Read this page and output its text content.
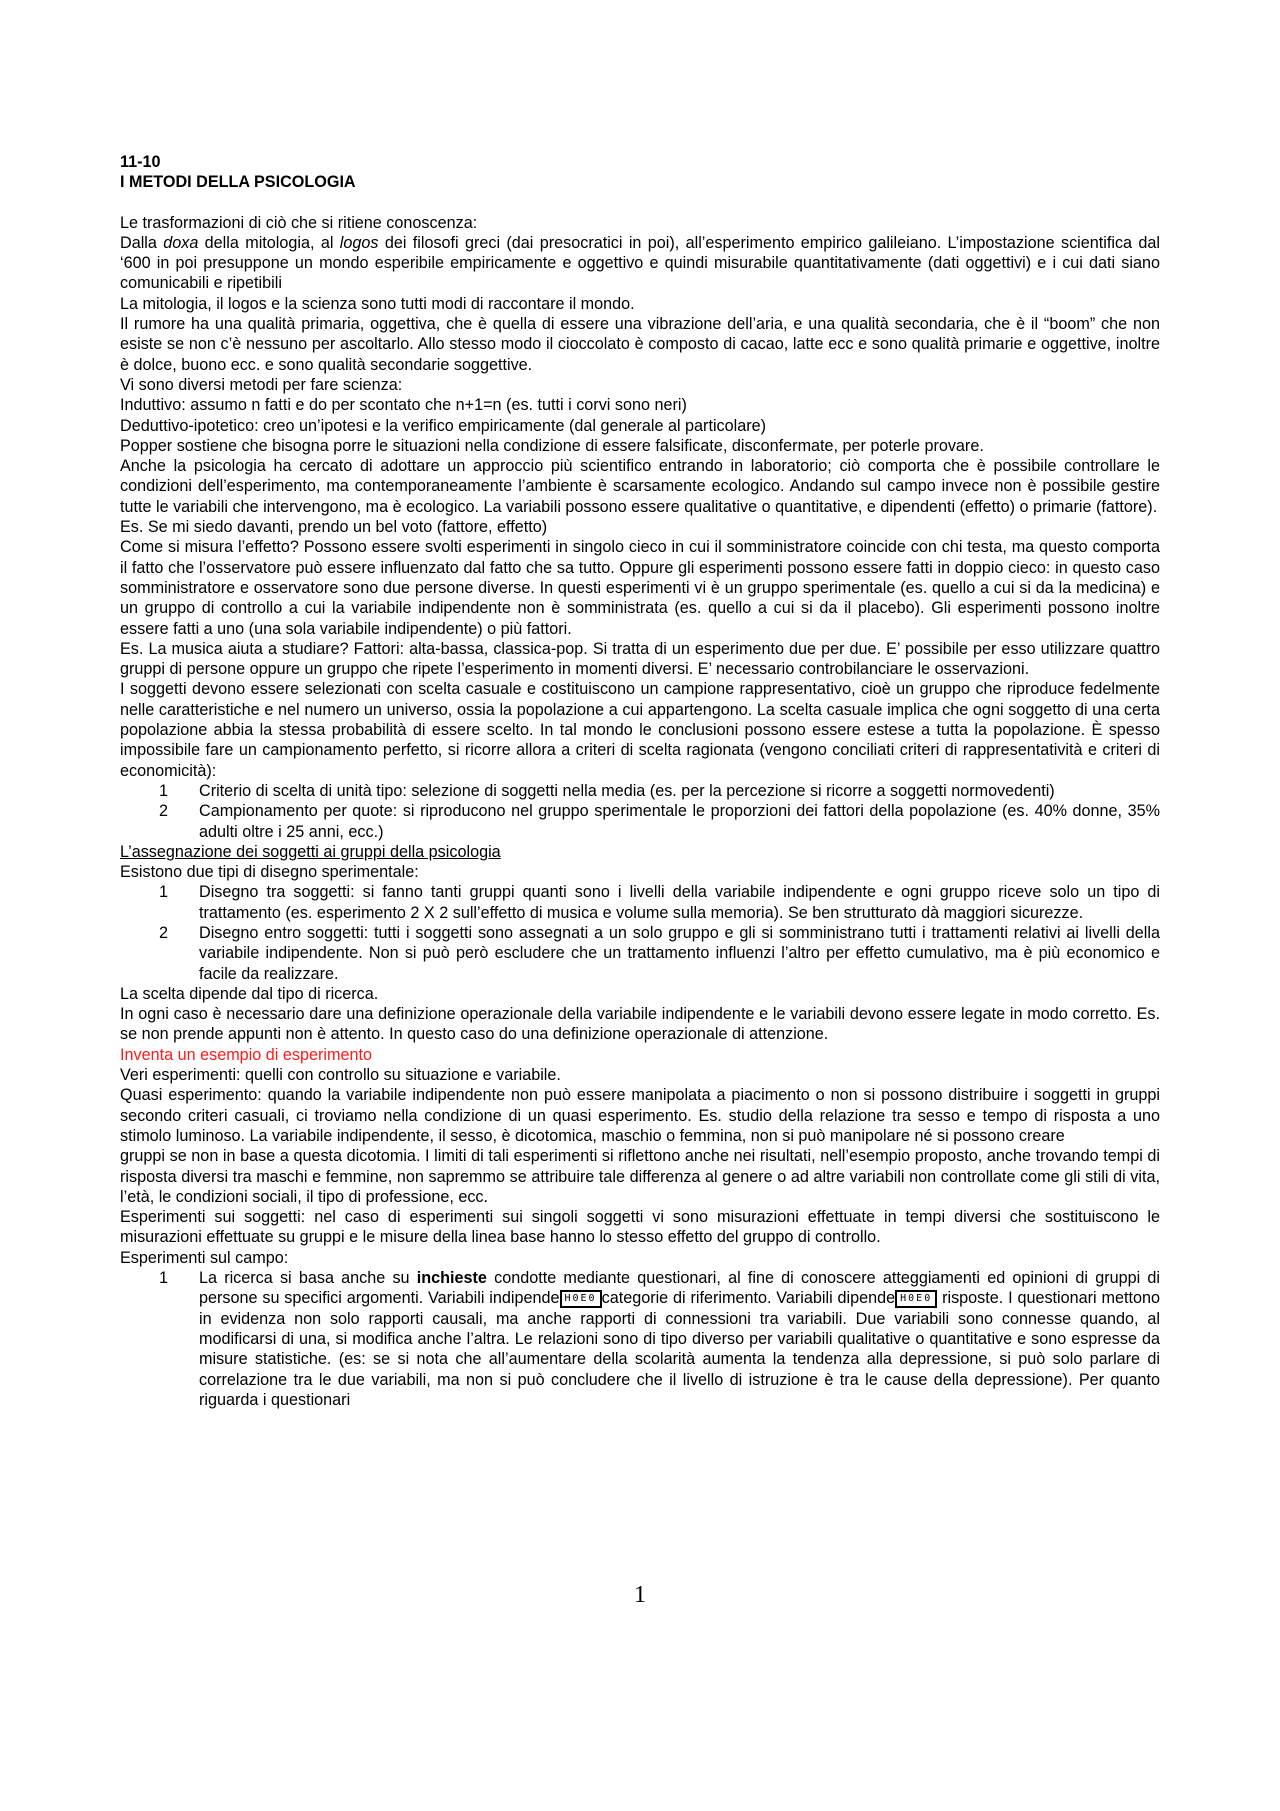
11-10

I METODI DELLA PSICOLOGIA

Le trasformazioni di ciò che si ritiene conoscenza:

Dalla doxa della mitologia, al logos dei filosofi greci (dai presocratici in poi), all’esperimento empirico galileiano. L’impostazione scientifica dal ‘600 in poi presuppone un mondo esperibile empiricamente e oggettivo e quindi misurabile quantitativamente (dati oggettivi) e i cui dati siano comunicabili e ripetibili

La mitologia, il logos e la scienza sono tutti modi di raccontare il mondo.

Il rumore ha una qualità primaria, oggettiva, che è quella di essere una vibrazione dell’aria, e una qualità secondaria, che è il “boom” che non esiste se non c’è nessuno per ascoltarlo. Allo stesso modo il cioccolato è composto di cacao, latte ecc e sono qualità primarie e oggettive, inoltre è dolce, buono ecc. e sono qualità secondarie soggettive.

Vi sono diversi metodi per fare scienza:

Induttivo: assumo n fatti e do per scontato che n+1=n (es. tutti i corvi sono neri)

Deduttivo-ipotetico: creo un’ipotesi e la verifico empiricamente (dal generale al particolare)

Popper sostiene che bisogna porre le situazioni nella condizione di essere falsificate, disconfermate, per poterle provare.

Anche la psicologia ha cercato di adottare un approccio più scientifico entrando in laboratorio; ciò comporta che è possibile controllare le condizioni dell’esperimento, ma contemporaneamente l’ambiente è scarsamente ecologico. Andando sul campo invece non è possibile gestire tutte le variabili che intervengono, ma è ecologico. La variabili possono essere qualitative o quantitative, e dipendenti (effetto) o primarie (fattore).

Es. Se mi siedo davanti, prendo un bel voto (fattore, effetto)

Come si misura l’effetto? Possono essere svolti esperimenti in singolo cieco in cui il somministratore coincide con chi testa, ma questo comporta il fatto che l’osservatore può essere influenzato dal fatto che sa tutto. Oppure gli esperimenti possono essere fatti in doppio cieco: in questo caso somministratore e osservatore sono due persone diverse. In questi esperimenti vi è un gruppo sperimentale (es. quello a cui si da la medicina) e un gruppo di controllo a cui la variabile indipendente non è somministrata (es. quello a cui si da il placebo). Gli esperimenti possono inoltre essere fatti a uno (una sola variabile indipendente) o più fattori.

Es. La musica aiuta a studiare? Fattori: alta-bassa, classica-pop. Si tratta di un esperimento due per due. E’ possibile per esso utilizzare quattro gruppi di persone oppure un gruppo che ripete l’esperimento in momenti diversi. E’ necessario controbilanciare le osservazioni.

I soggetti devono essere selezionati con scelta casuale e costituiscono un campione rappresentativo, cioè un gruppo che riproduce fedelmente nelle caratteristiche e nel numero un universo, ossia la popolazione a cui appartengono. La scelta casuale implica che ogni soggetto di una certa popolazione abbia la stessa probabilità di essere scelto. In tal mondo le conclusioni possono essere estese a tutta la popolazione. È spesso impossibile fare un campionamento perfetto, si ricorre allora a criteri di scelta ragionata (vengono conciliati criteri di rappresentatività e criteri di economicità):

1 Criterio di scelta di unità tipo: selezione di soggetti nella media (es. per la percezione si ricorre a soggetti normovedenti)
2 Campionamento per quote: si riproducono nel gruppo sperimentale le proporzioni dei fattori della popolazione (es. 40% donne, 35% adulti oltre i 25 anni, ecc.)

L’assegnazione dei soggetti ai gruppi della psicologia

Esistono due tipi di disegno sperimentale:

1 Disegno tra soggetti: si fanno tanti gruppi quanti sono i livelli della variabile indipendente e ogni gruppo riceve solo un tipo di trattamento (es. esperimento 2 X 2 sull’effetto di musica e volume sulla memoria). Se ben strutturato dà maggiori sicurezze.
2 Disegno entro soggetti: tutti i soggetti sono assegnati a un solo gruppo e gli si somministrano tutti i trattamenti relativi ai livelli della variabile indipendente. Non si può però escludere che un trattamento influenzi l’altro per effetto cumulativo, ma è più economico e facile da realizzare.

La scelta dipende dal tipo di ricerca.

In ogni caso è necessario dare una definizione operazionale della variabile indipendente e le variabili devono essere legate in modo corretto. Es. se non prende appunti non è attento. In questo caso do una definizione operazionale di attenzione.

Inventa un esempio di esperimento

Veri esperimenti: quelli con controllo su situazione e variabile.

Quasi esperimento: quando la variabile indipendente non può essere manipolata a piacimento o non si possono distribuire i soggetti in gruppi secondo criteri casuali, ci troviamo nella condizione di un quasi esperimento. Es. studio della relazione tra sesso e tempo di risposta a uno stimolo luminoso. La variabile indipendente, il sesso, è dicotomica, maschio o femmina, non si può manipolare né si possono creare

gruppi se non in base a questa dicotomia. I limiti di tali esperimenti si riflettono anche nei risultati, nell’esempio proposto, anche trovando tempi di risposta diversi tra maschi e femmine, non sapremmo se attribuire tale differenza al genere o ad altre variabili non controllate come gli stili di vita, l’età, le condizioni sociali, il tipo di professione, ecc.

Esperimenti sui soggetti: nel caso di esperimenti sui singoli soggetti vi sono misurazioni effettuate in tempi diversi che sostituiscono le misurazioni effettuate su gruppi e le misure della linea base hanno lo stesso effetto del gruppo di controllo.

Esperimenti sul campo:

1 La ricerca si basa anche su inchieste condotte mediante questionari, al fine di conoscere atteggiamenti ed opinioni di gruppi di persone su specifici argomenti. Variabili indipende H0E0 categorie di riferimento. Variabili dipende H0E0 risposte. I questionari mettono in evidenza non solo rapporti causali, ma anche rapporti di connessioni tra variabili. Due variabili sono connesse quando, al modificarsi di una, si modifica anche l’altra. Le relazioni sono di tipo diverso per variabili qualitative o quantitative e sono espresse da misure statistiche. (es: se si nota che all’aumentare della scolarità aumenta la tendenza alla depressione, si può solo parlare di correlazione tra le due variabili, ma non si può concludere che il livello di istruzione è tra le cause della depressione). Per quanto riguarda i questionari
1
